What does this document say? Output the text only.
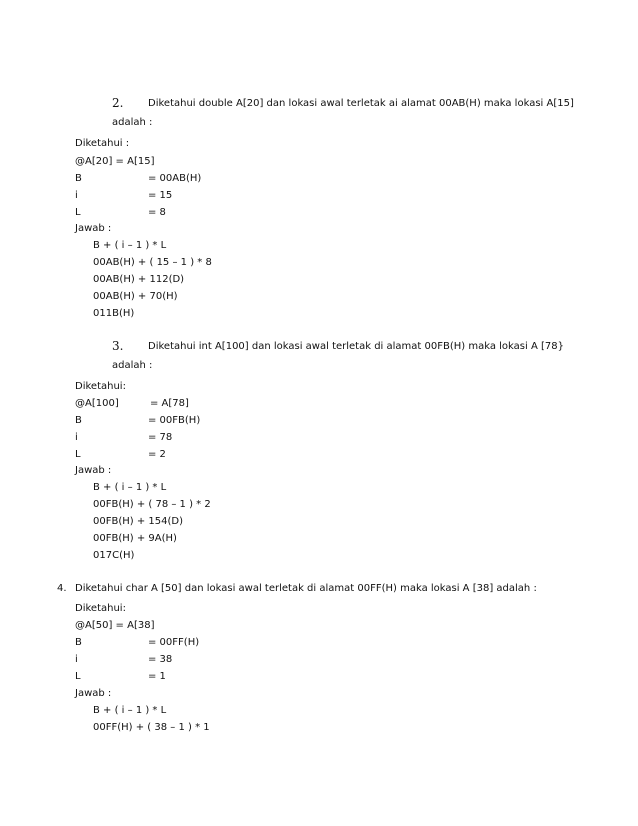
2. Diketahui double A[20] dan lokasi awal terletak ai alamat 00AB(H) maka lokasi A[15]
adalah :
Diketahui :
@A[20] = A[15]
B	= 00AB(H)
i	= 15
L	= 8
Jawab :
B + ( i – 1 ) * L
00AB(H) + ( 15 – 1 ) * 8
00AB(H) + 112(D)
00AB(H) + 70(H)
011B(H)
3. Diketahui int A[100] dan lokasi awal terletak di alamat 00FB(H) maka lokasi A [78}
adalah :
Diketahui:
@A[100]	= A[78]
B	= 00FB(H)
i	= 78
L	= 2
Jawab :
B + ( i – 1 ) * L
00FB(H) + ( 78 – 1 ) * 2
00FB(H) + 154(D)
00FB(H) + 9A(H)
017C(H)
4. Diketahui char A [50] dan lokasi awal terletak di alamat 00FF(H) maka lokasi A [38] adalah :
Diketahui:
@A[50] = A[38]
B	= 00FF(H)
i	= 38
L	= 1
Jawab :
B + ( i – 1 ) * L
00FF(H) + ( 38 – 1 ) * 1
